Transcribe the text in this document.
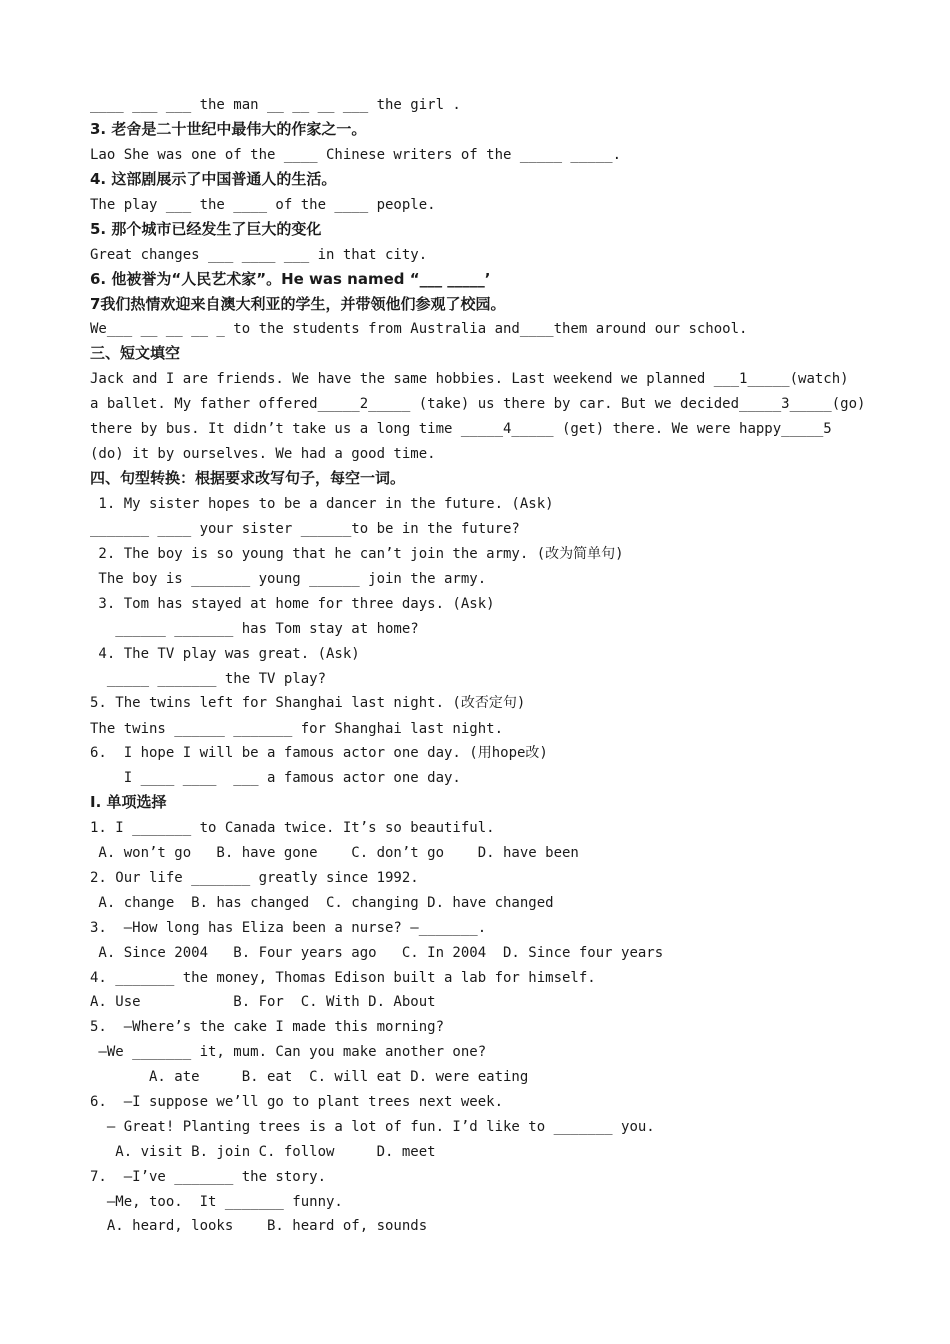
____ ___ ___ the man __ __ __ ___ the girl .
3. 老舍是二十世纪中最伟大的作家之一。
Lao She was one of the ____ Chinese writers of the _____ _____.
4. 这部剧展示了中国普通人的生活。
The play ___ the ____ of the ____ people.
5. 那个城市已经发生了巨大的变化
Great changes ___ ____ ___ in that city.
6. 他被誉为“人民艺术家”。He was named “___ _____’
7我们热情欢迎来自澳大利亚的学生，并带领他们参观了校园。
We___ __ __ __ _ to the students from Australia and____them around our school.
三、短文填空
Jack and I are friends. We have the same hobbies. Last weekend we planned ___1_____(watch)
a ballet. My father offered_____2_____ (take) us there by car. But we decided_____3_____(go)
there by bus. It didn’t take us a long time _____4_____ (get) there. We were happy_____5
(do) it by ourselves. We had a good time.
四、句型转换：根据要求改写句子，每空一词。
1. My sister hopes to be a dancer in the future. (Ask)
_______ ____ your sister ______to be in the future?
2. The boy is so young that he can’t join the army. (改为简单句)
The boy is _______ young ______ join the army.
3. Tom has stayed at home for three days. (Ask)
______ _______ has Tom stay at home?
4. The TV play was great. (Ask)
_____ _______ the TV play?
5. The twins left for Shanghai last night. (改否定句)
The twins ______ _______ for Shanghai last night.
6.  I hope I will be a famous actor one day. (用hope改)
I ____ ____  ___ a famous actor one day.
I. 单项选择
1. I _______ to Canada twice. It’s so beautiful.
A. won’t go   B. have gone    C. don’t go    D. have been
2. Our life _______ greatly since 1992.
A. change  B. has changed  C. changing D. have changed
3.  –How long has Eliza been a nurse? –_______.
A. Since 2004   B. Four years ago   C. In 2004  D. Since four years
4. _______ the money, Thomas Edison built a lab for himself.
A. Use           B. For  C. With D. About
5.  –Where’s the cake I made this morning?
–We _______ it, mum. Can you make another one?
A. ate     B. eat  C. will eat D. were eating
6.  –I suppose we’ll go to plant trees next week.
– Great! Planting trees is a lot of fun. I’d like to _______ you.
A. visit B. join C. follow     D. meet
7.  –I’ve _______ the story.
–Me, too.  It _______ funny.
A. heard, looks    B. heard of, sounds
